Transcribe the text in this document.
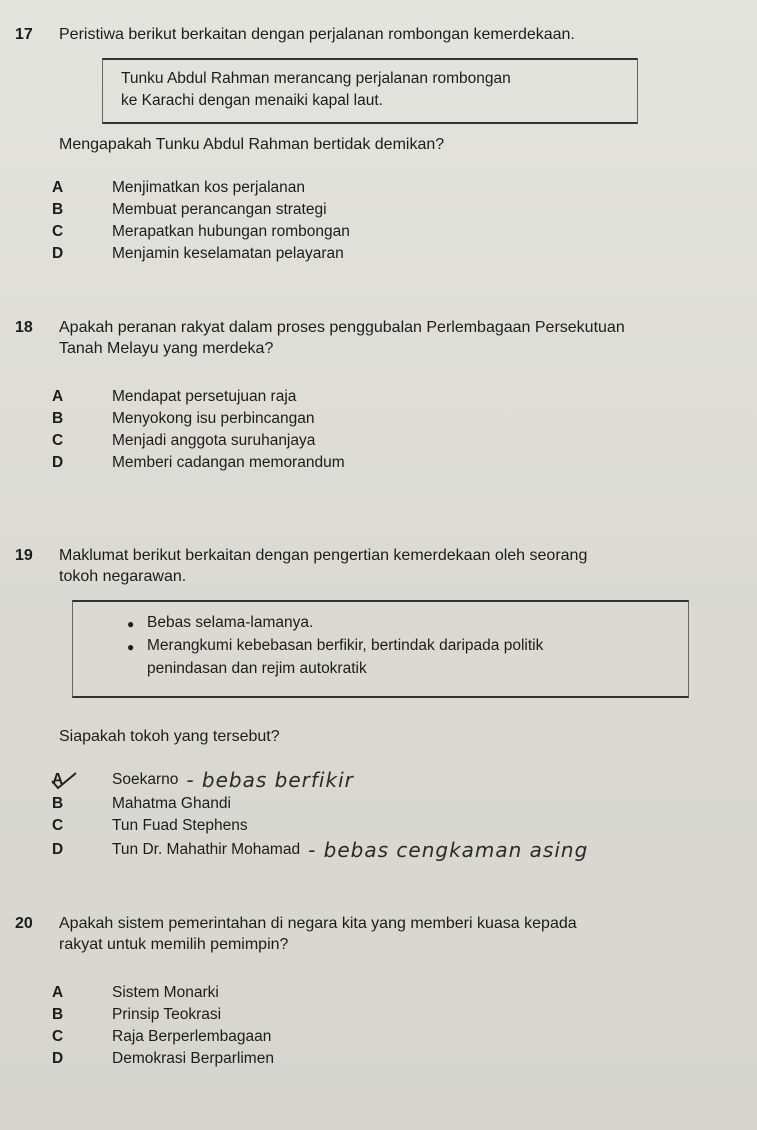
17	Peristiwa berikut berkaitan dengan perjalanan rombongan kemerdekaan.
Tunku Abdul Rahman merancang perjalanan rombongan
ke Karachi dengan menaiki kapal laut.
Mengapakah Tunku Abdul Rahman bertidak demikan?
A	Menjimatkan kos perjalanan
B	Membuat perancangan strategi
C	Merapatkan hubungan rombongan
D	Menjamin keselamatan pelayaran
18	Apakah peranan rakyat dalam proses penggubalan Perlembagaan Persekutuan
Tanah Melayu yang merdeka?
A	Mendapat persetujuan raja
B	Menyokong isu perbincangan
C	Menjadi anggota suruhanjaya
D	Memberi cadangan memorandum
19	Maklumat berikut berkaitan dengan pengertian kemerdekaan oleh seorang
tokoh negarawan.
● Bebas selama-lamanya.
● Merangkumi kebebasan berfikir, bertindak daripada politik
penindasan dan rejim autokratik
Siapakah tokoh yang tersebut?
A	Soekarno - bebas berfikir
B	Mahatma Ghandi
C	Tun Fuad Stephens
D	Tun Dr. Mahathir Mohamad - bebas cengkaman asing
20	Apakah sistem pemerintahan di negara kita yang memberi kuasa kepada
rakyat untuk memilih pemimpin?
A	Sistem Monarki
B	Prinsip Teokrasi
C	Raja Berperlembagaan
D	Demokrasi Berparlimen
